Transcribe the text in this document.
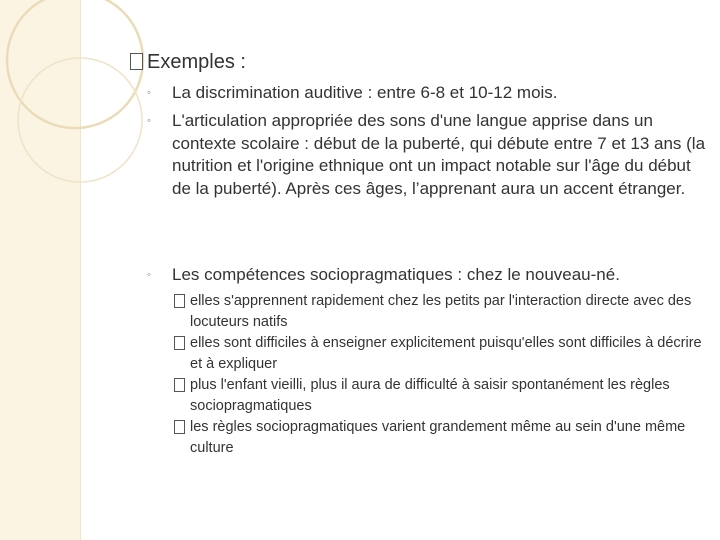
Exemples :
◦ La discrimination auditive : entre 6-8 et 10-12 mois.
◦ L'articulation appropriée des sons d'une langue apprise dans un contexte scolaire : début de la puberté, qui débute entre 7 et 13 ans (la nutrition et l'origine ethnique ont un impact notable sur l'âge du début de la puberté). Après ces âges, l’apprenant aura un accent étranger.
◦ Les compétences sociopragmatiques : chez le nouveau-né.
elles s'apprennent rapidement chez les petits par l'interaction directe avec des locuteurs natifs
elles sont difficiles à enseigner explicitement puisqu'elles sont difficiles à décrire et à expliquer
plus l'enfant vieilli, plus il aura de difficulté à saisir spontanément les règles sociopragmatiques
les règles sociopragmatiques varient grandement même au sein d'une même culture
